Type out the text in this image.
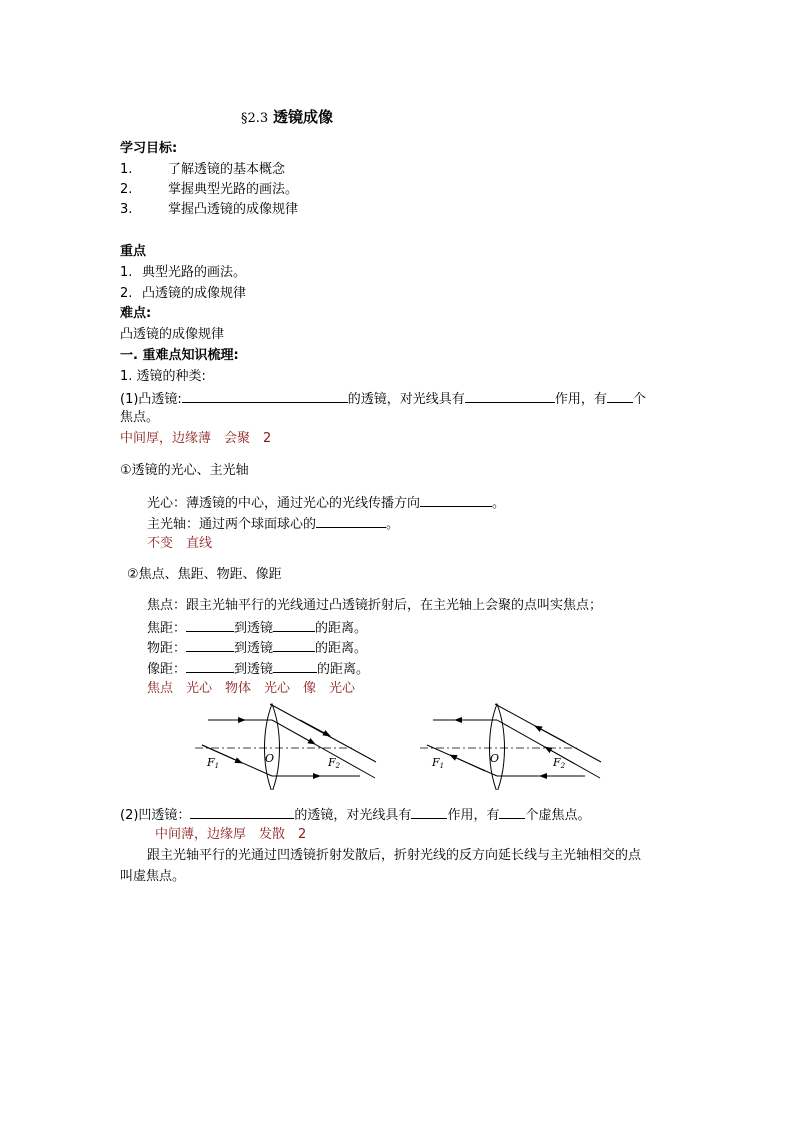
§2.3 透镜成像
学习目标:
1.	了解透镜的基本概念
2.	掌握典型光路的画法。
3.	掌握凸透镜的成像规律
重点
1. 典型光路的画法。
2. 凸透镜的成像规律
难点:
凸透镜的成像规律
一. 重难点知识梳理:
1. 透镜的种类:
(1)凸透镜:	的透镜，对光线具有	作用，有 个
焦点。
中间厚，边缘薄　会聚　2
①透镜的光心、主光轴
光心：薄透镜的中心，通过光心的光线传播方向	。
主光轴：通过两个球面球心的	。
不变　直线
②焦点、焦距、物距、像距
焦点：跟主光轴平行的光线通过凸透镜折射后，在主光轴上会聚的点叫实焦点；
焦距：	到透镜	的距离。
物距：	到透镜	的距离。
像距：	到透镜	的距离。
焦点　光心　物体　光心　像　光心
F1
O	F2	F1
O	F2
(2)凹透镜：	的透镜，对光线具有	作用，有 个虚焦点。
中间薄，边缘厚　发散　2
跟主光轴平行的光通过凹透镜折射发散后，折射光线的反方向延长线与主光轴相交的点
叫虚焦点。
